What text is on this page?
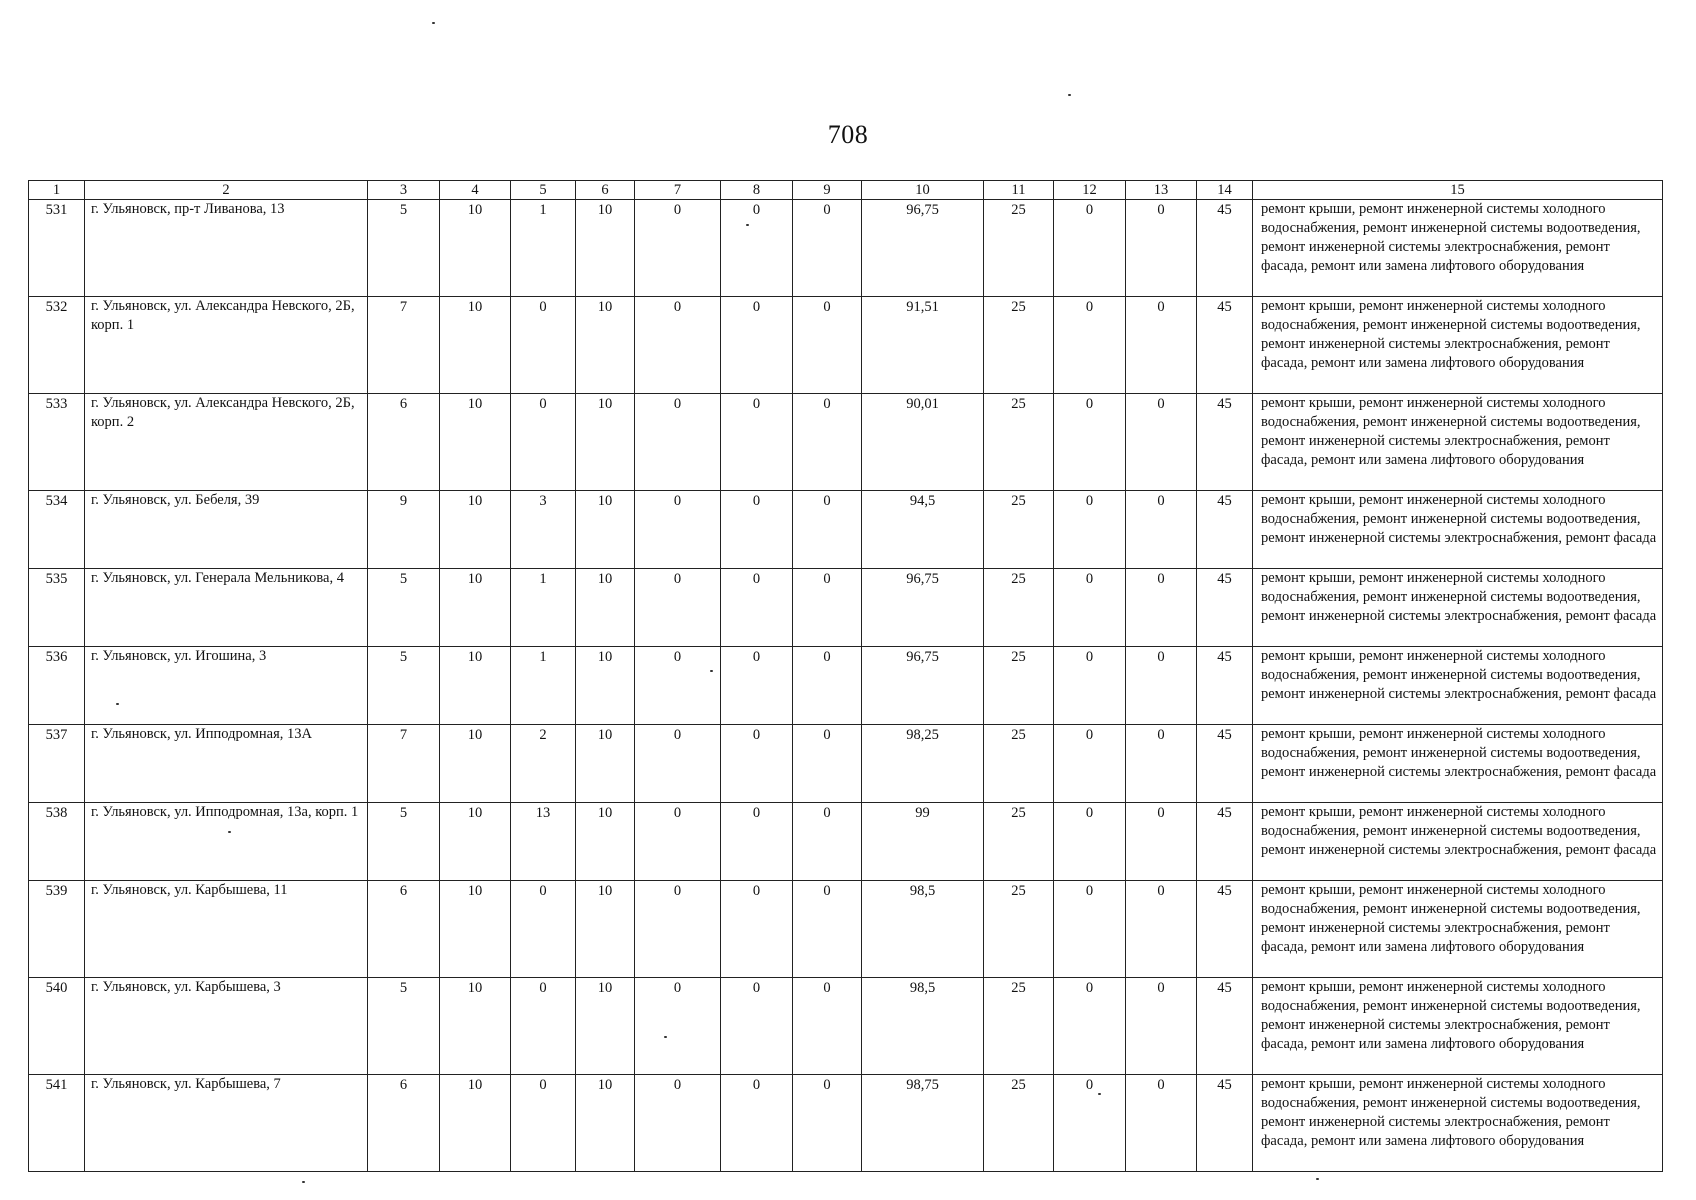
708
1	2	3	4	5	6	7	8	9	10	11	12	13	14	15
531	г. Ульяновск, пр-т Ливанова, 13	5	10	1	10	0	0	0	96,75	25	0	0	45	ремонт крыши, ремонт инженерной системы холодного водоснабжения, ремонт инженерной системы водоотведения, ремонт инженерной системы электроснабжения, ремонт фасада, ремонт или замена лифтового оборудования
532	г. Ульяновск, ул. Александра Невского, 2Б, корп. 1	7	10	0	10	0	0	0	91,51	25	0	0	45	ремонт крыши, ремонт инженерной системы холодного водоснабжения, ремонт инженерной системы водоотведения, ремонт инженерной системы электроснабжения, ремонт фасада, ремонт или замена лифтового оборудования
533	г. Ульяновск, ул. Александра Невского, 2Б, корп. 2	6	10	0	10	0	0	0	90,01	25	0	0	45	ремонт крыши, ремонт инженерной системы холодного водоснабжения, ремонт инженерной системы водоотведения, ремонт инженерной системы электроснабжения, ремонт фасада, ремонт или замена лифтового оборудования
534	г. Ульяновск, ул. Бебеля, 39	9	10	3	10	0	0	0	94,5	25	0	0	45	ремонт крыши, ремонт инженерной системы холодного водоснабжения, ремонт инженерной системы водоотведения, ремонт инженерной системы электроснабжения, ремонт фасада
535	г. Ульяновск, ул. Генерала Мельникова, 4	5	10	1	10	0	0	0	96,75	25	0	0	45	ремонт крыши, ремонт инженерной системы холодного водоснабжения, ремонт инженерной системы водоотведения, ремонт инженерной системы электроснабжения, ремонт фасада
536	г. Ульяновск, ул. Игошина, 3	5	10	1	10	0	0	0	96,75	25	0	0	45	ремонт крыши, ремонт инженерной системы холодного водоснабжения, ремонт инженерной системы водоотведения, ремонт инженерной системы электроснабжения, ремонт фасада
537	г. Ульяновск, ул. Ипподромная, 13А	7	10	2	10	0	0	0	98,25	25	0	0	45	ремонт крыши, ремонт инженерной системы холодного водоснабжения, ремонт инженерной системы водоотведения, ремонт инженерной системы электроснабжения, ремонт фасада
538	г. Ульяновск, ул. Ипподромная, 13а, корп. 1	5	10	13	10	0	0	0	99	25	0	0	45	ремонт крыши, ремонт инженерной системы холодного водоснабжения, ремонт инженерной системы водоотведения, ремонт инженерной системы электроснабжения, ремонт фасада
539	г. Ульяновск, ул. Карбышева, 11	6	10	0	10	0	0	0	98,5	25	0	0	45	ремонт крыши, ремонт инженерной системы холодного водоснабжения, ремонт инженерной системы водоотведения, ремонт инженерной системы электроснабжения, ремонт фасада, ремонт или замена лифтового оборудования
540	г. Ульяновск, ул. Карбышева, 3	5	10	0	10	0	0	0	98,5	25	0	0	45	ремонт крыши, ремонт инженерной системы холодного водоснабжения, ремонт инженерной системы водоотведения, ремонт инженерной системы электроснабжения, ремонт фасада, ремонт или замена лифтового оборудования
541	г. Ульяновск, ул. Карбышева, 7	6	10	0	10	0	0	0	98,75	25	0	0	45	ремонт крыши, ремонт инженерной системы холодного водоснабжения, ремонт инженерной системы водоотведения, ремонт инженерной системы электроснабжения, ремонт фасада, ремонт или замена лифтового оборудования
